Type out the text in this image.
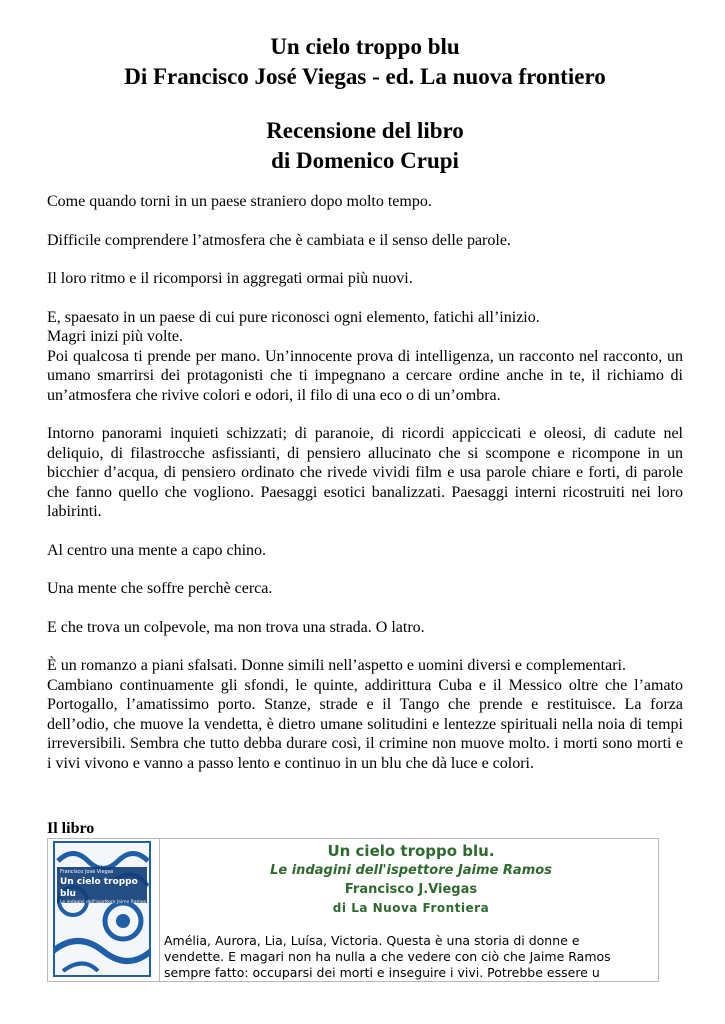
Un cielo troppo blu
Di Francisco José Viegas - ed. La nuova frontiero
Recensione del libro
di Domenico Crupi

Come quando torni in un paese straniero dopo molto tempo.

Difficile comprendere l’atmosfera che è cambiata e il senso delle parole.

Il loro ritmo e il ricomporsi in aggregati ormai più nuovi.

E, spaesato in un paese di cui pure riconosci ogni elemento, fatichi all’inizio.

Magri inizi più volte.

Poi qualcosa ti prende per mano. Un’innocente prova di intelligenza, un racconto nel racconto, un umano smarrirsi dei protagonisti che ti impegnano a cercare ordine anche in te, il richiamo di un’atmosfera che rivive colori e odori, il filo di una eco o di un’ombra.

Intorno panorami inquieti schizzati; di paranoie, di ricordi appiccicati e oleosi, di cadute nel deliquio, di filastrocche asfissianti, di pensiero allucinato che si scompone e ricompone in un bicchier d’acqua, di pensiero ordinato che rivede vividi film e usa parole chiare e forti, di parole che fanno quello che vogliono. Paesaggi esotici banalizzati. Paesaggi interni ricostruiti nei loro labirinti.

Al centro una mente a capo chino.

Una mente che soffre perchè cerca.

E che trova un colpevole, ma non trova una strada. O latro.

È un romanzo a piani sfalsati. Donne simili nell’aspetto e uomini diversi e complementari.

Cambiano continuamente gli sfondi, le quinte, addirittura Cuba e il Messico oltre che l’amato Portogallo, l’amatissimo porto. Stanze, strade e il Tango che prende e restituisce. La forza dell’odio, che muove la vendetta, è dietro umane solitudini e lentezze spirituali nella noia di tempi irreversibili. Sembra che tutto debba durare così, il crimine non muove molto. i morti sono morti e i vivi vivono e vanno a passo lento e continuo in un blu che dà luce e colori.

Il libro
Francisco José Viegas
Un cielo troppo blu
Le indagini dell'ispettore Jaime Ramos
Un cielo troppo blu.
Le indagini dell'ispettore Jaime Ramos
Francisco J.Viegas
di La Nuova Frontiera
Amélia, Aurora, Lia, Luísa, Victoria. Questa è una storia di donne e
vendette. E magari non ha nulla a che vedere con ciò che Jaime Ramos
sempre fatto: occuparsi dei morti e inseguire i vivi. Potrebbe essere u
